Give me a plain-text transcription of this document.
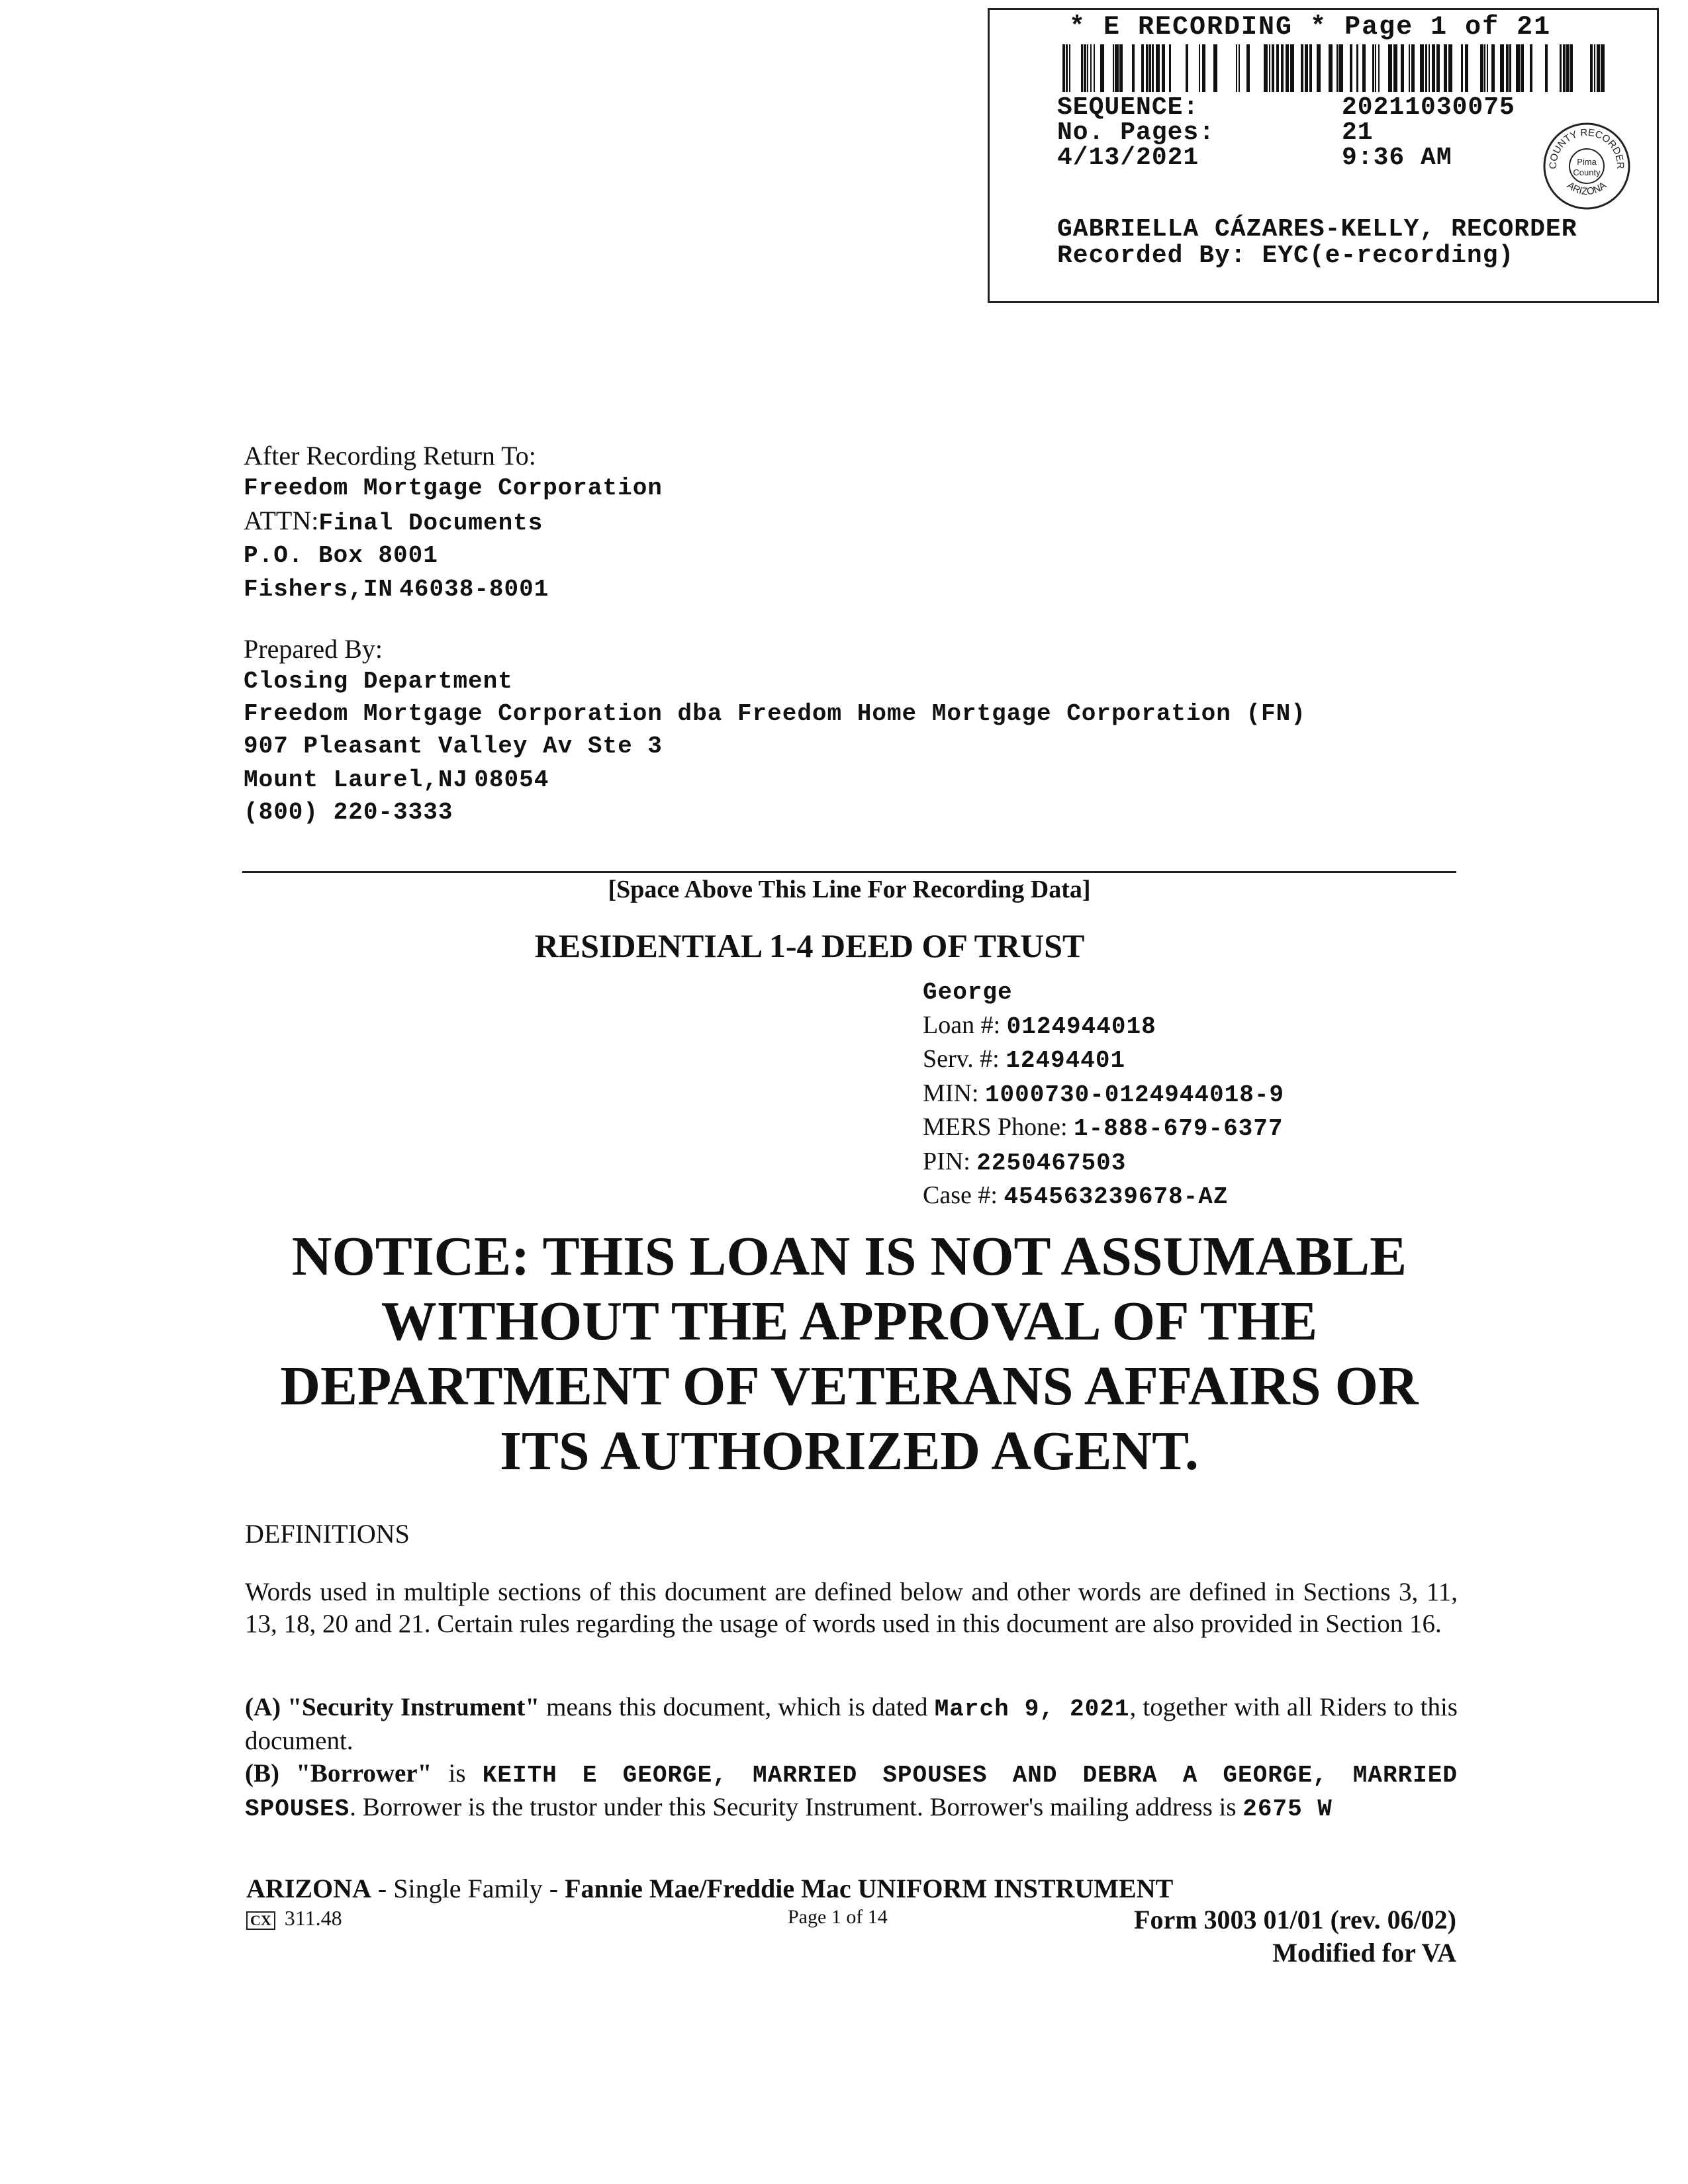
* E RECORDING * Page 1 of 21
SEQUENCE:	20211030075
No. Pages:	21
4/13/2021	9:36 AM	COUNTY RECORDER
ARIZONA
Pima
County
GABRIELLA CÁZARES-KELLY, RECORDER
Recorded By: EYC(e-recording)
After Recording Return To:
Freedom Mortgage Corporation
ATTN:Final Documents
P.O. Box 8001
Fishers,IN 46038-8001
Prepared By:
Closing Department
Freedom Mortgage Corporation dba Freedom Home Mortgage Corporation (FN)
907 Pleasant Valley Av Ste 3
Mount Laurel,NJ 08054
(800) 220-3333
[Space Above This Line For Recording Data]
RESIDENTIAL 1-4 DEED OF TRUST
George
Loan #: 0124944018
Serv. #: 12494401
MIN: 1000730-0124944018-9
MERS Phone: 1-888-679-6377
PIN: 2250467503
Case #: 454563239678-AZ
NOTICE: THIS LOAN IS NOT ASSUMABLE
WITHOUT THE APPROVAL OF THE
DEPARTMENT OF VETERANS AFFAIRS OR
ITS AUTHORIZED AGENT.
DEFINITIONS
Words used in multiple sections of this document are defined below and other words are defined in Sections 3, 11, 13, 18, 20 and 21. Certain rules regarding the usage of words used in this document are also provided in Section 16.
(A) "Security Instrument" means this document, which is dated March 9, 2021, together with all Riders to this document.
(B) "Borrower" is KEITH E GEORGE, MARRIED SPOUSES AND DEBRA A GEORGE, MARRIED SPOUSES. Borrower is the trustor under this Security Instrument. Borrower's mailing address is 2675 W
ARIZONA - Single Family - Fannie Mae/Freddie Mac UNIFORM INSTRUMENT
CX 311.48	Page 1 of 14	Form 3003 01/01 (rev. 06/02)
Modified for VA
